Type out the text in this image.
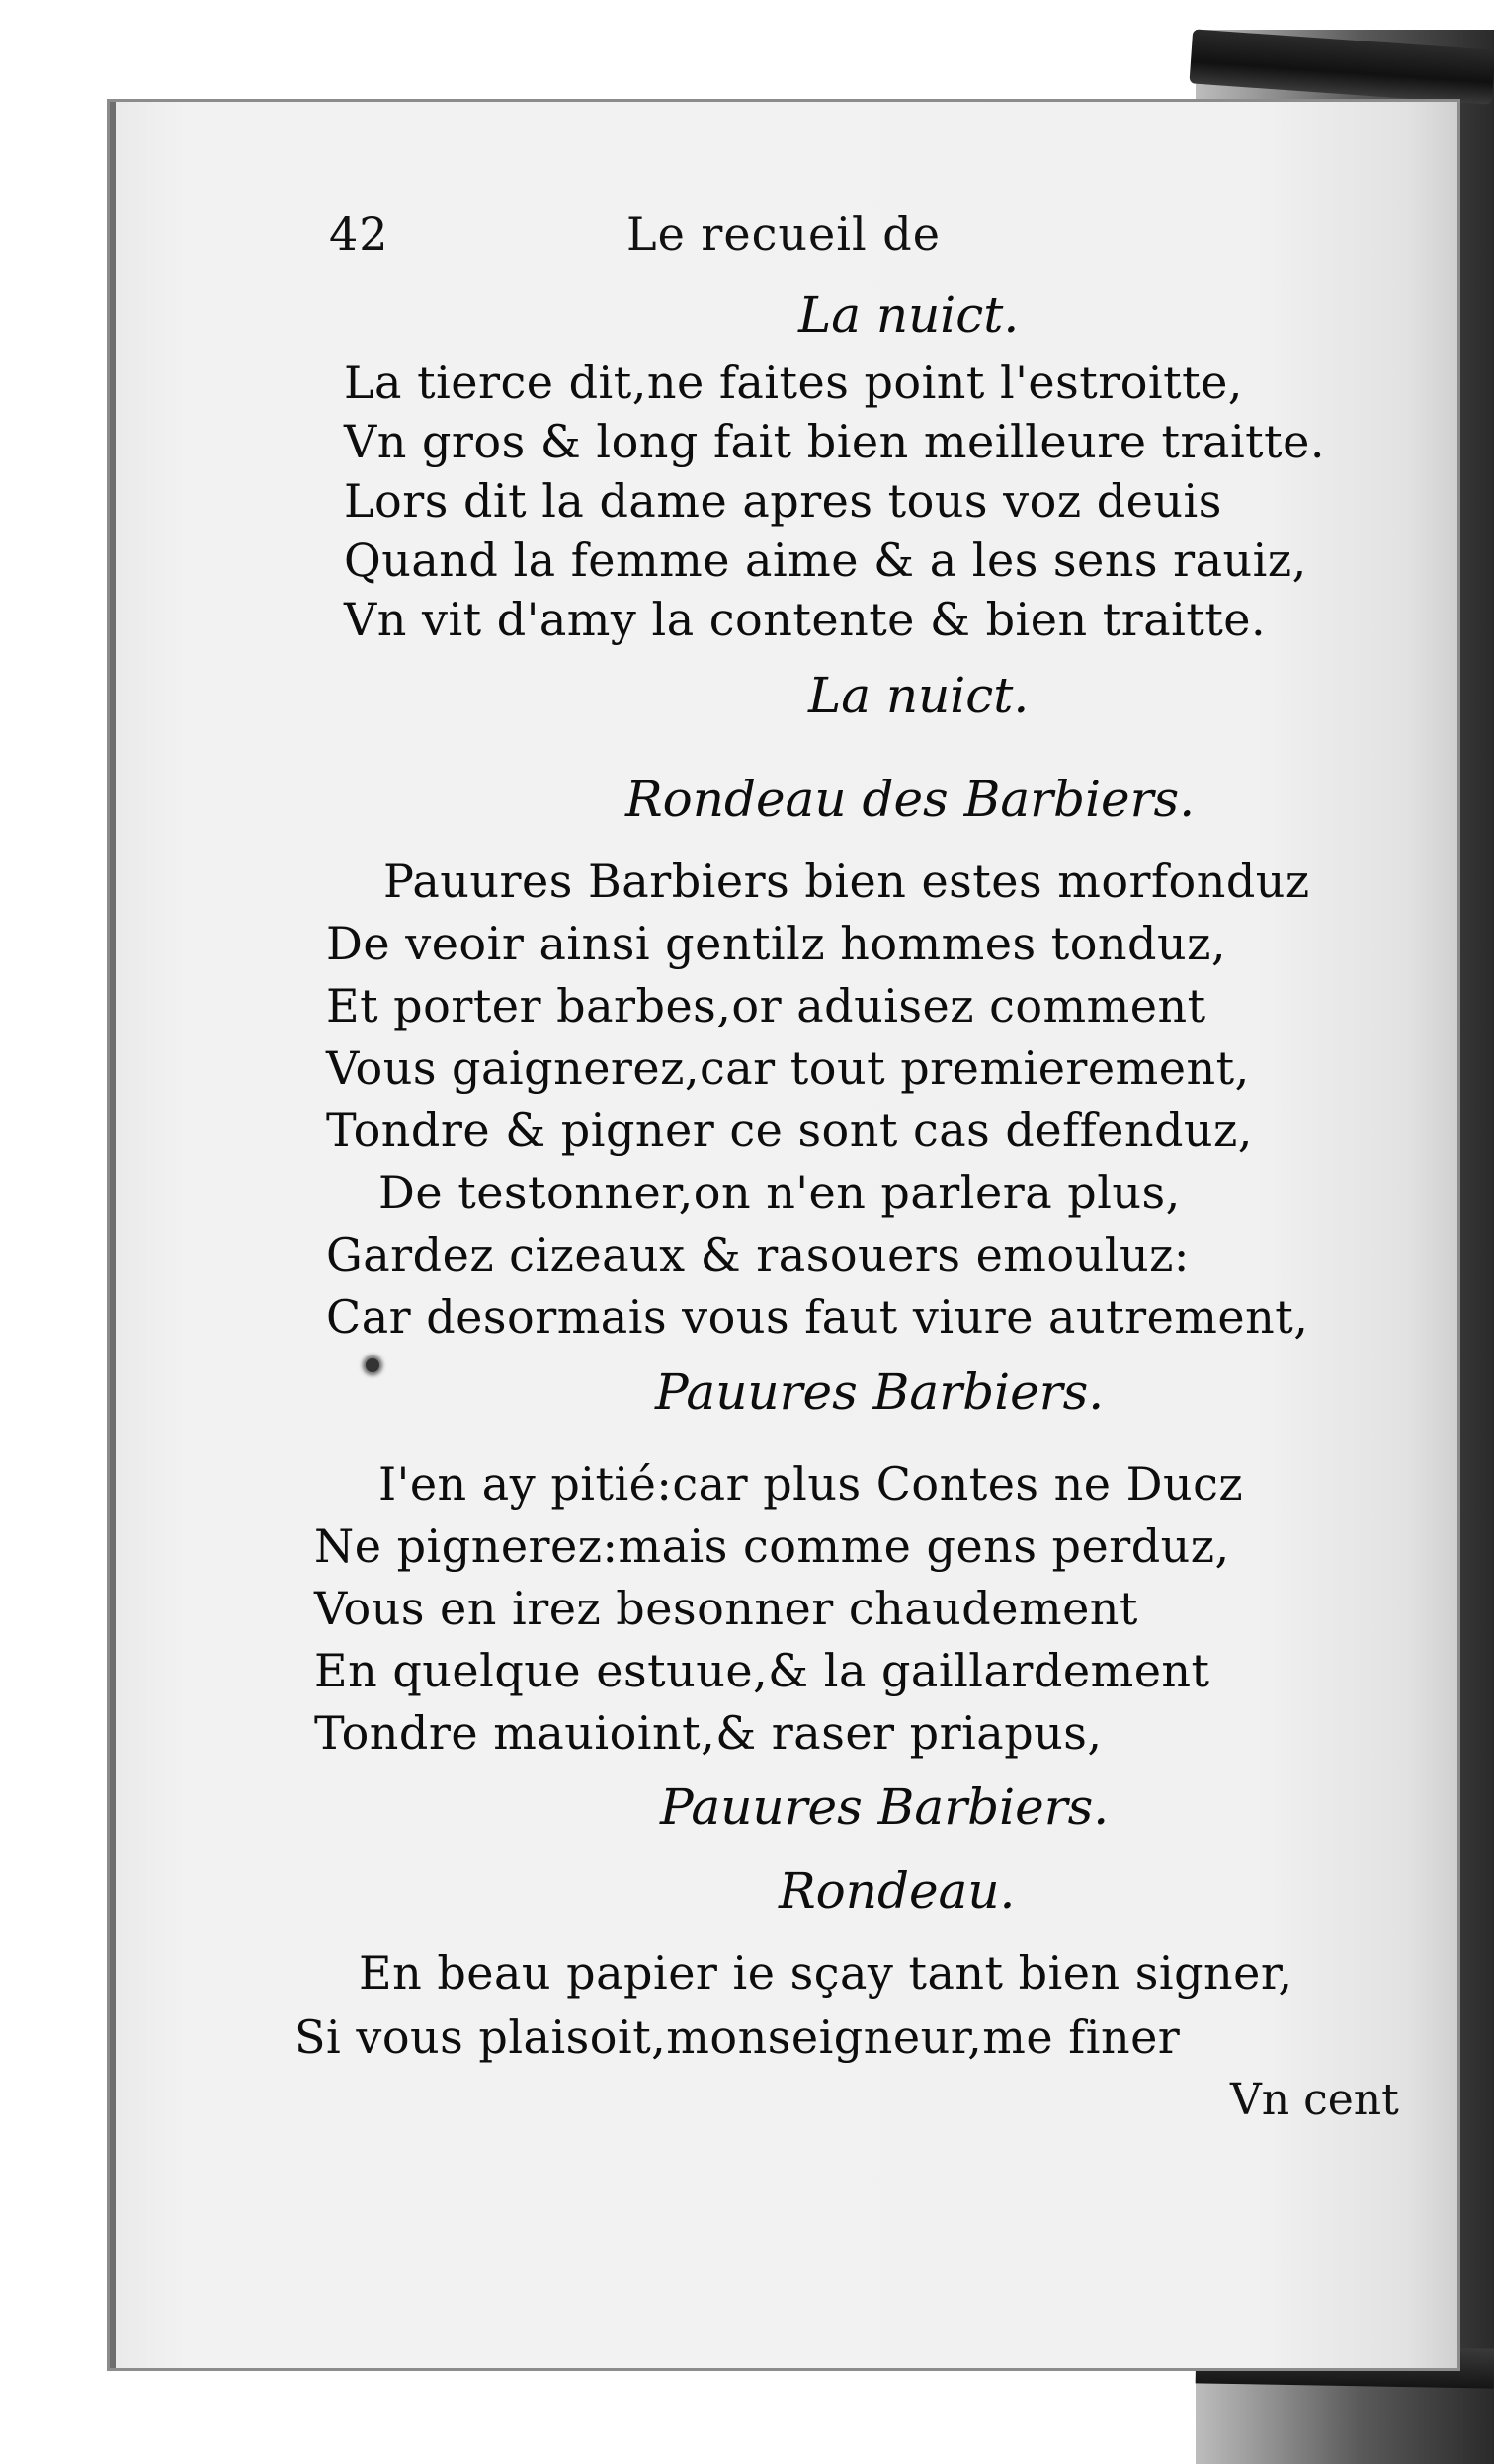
42	Le recueil de
La nuict.
La tierce dit,ne faites point l'estroitte,
Vn gros & long fait bien meilleure traitte.
Lors dit la dame apres tous voz deuis
Quand la femme aime & a les sens rauiz,
Vn vit d'amy la contente & bien traitte.
La nuict.
Rondeau des Barbiers.
Pauures Barbiers bien estes morfonduz
De veoir ainsi gentilz hommes tonduz,
Et porter barbes,or aduisez comment
Vous gaignerez,car tout premierement,
Tondre & pigner ce sont cas deffenduz,
De testonner,on n'en parlera plus,
Gardez cizeaux & rasouers emouluz:
Car desormais vous faut viure autrement,
Pauures Barbiers.
I'en ay pitié:car plus Contes ne Ducz
Ne pignerez:mais comme gens perduz,
Vous en irez besonner chaudement
En quelque estuue,& la gaillardement
Tondre mauioint,& raser priapus,
Pauures Barbiers.
Rondeau.
En beau papier ie sçay tant bien signer,
Si vous plaisoit,monseigneur,me finer
Vn cent
